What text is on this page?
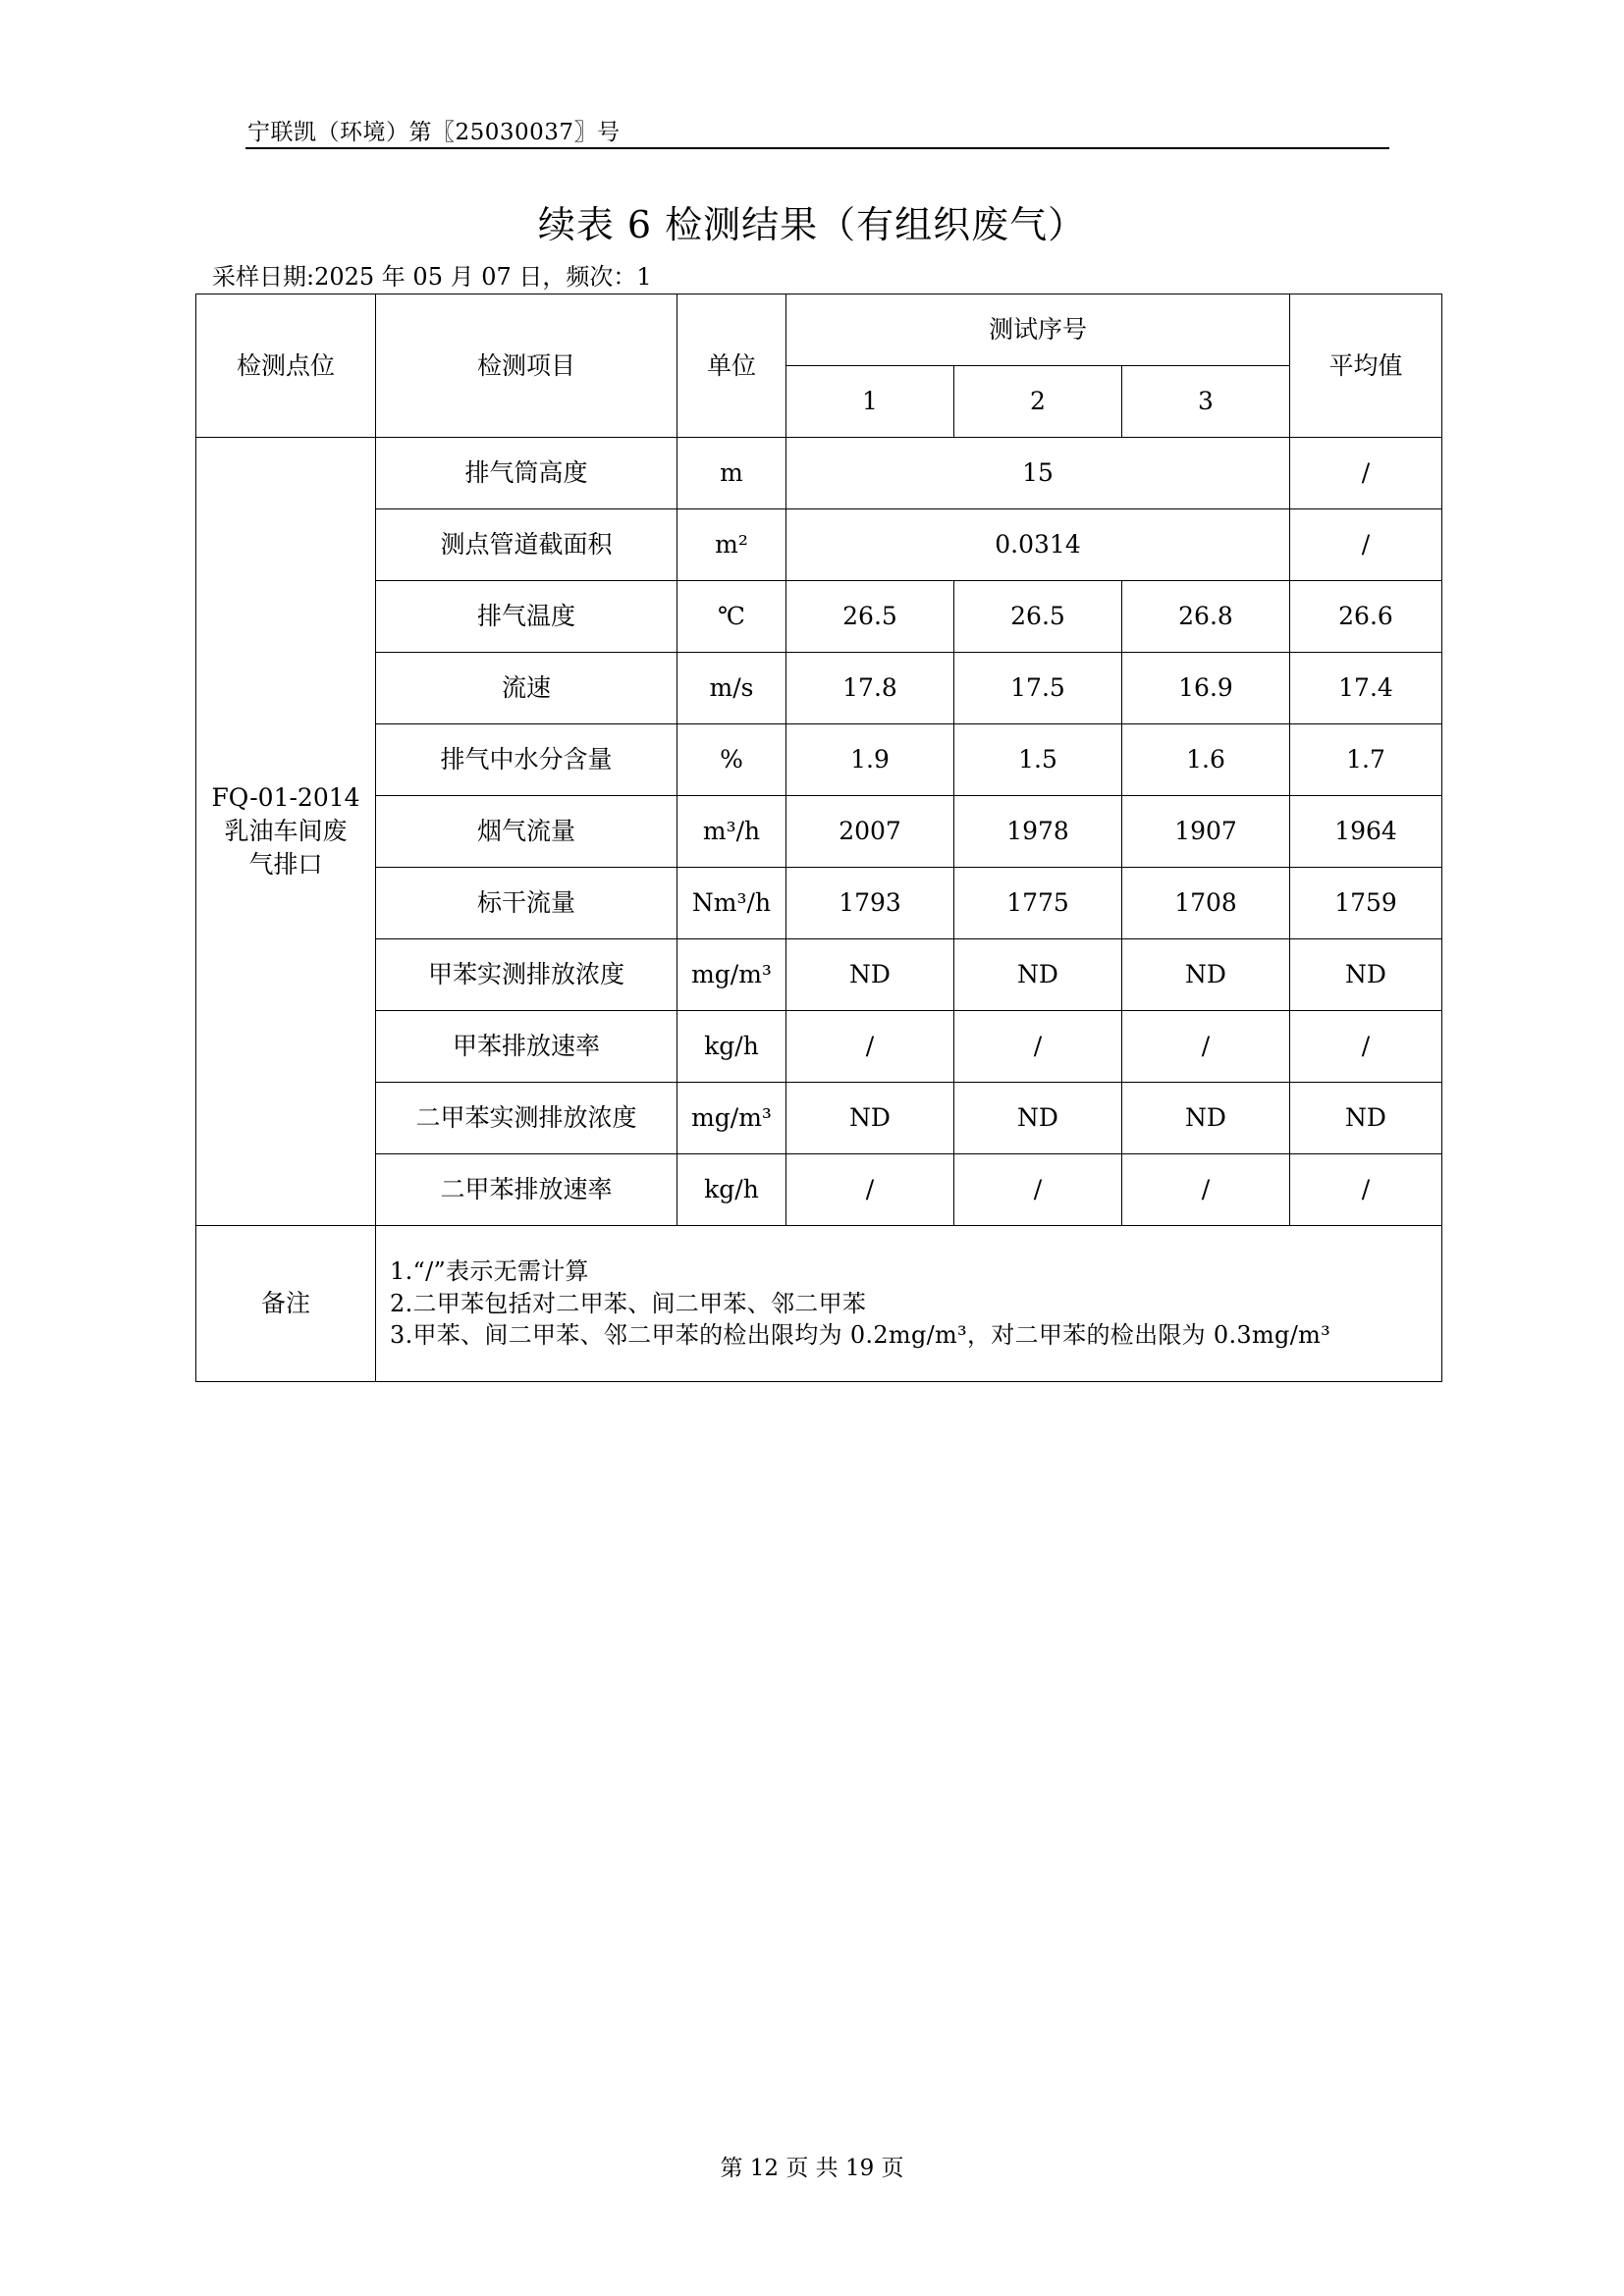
宁联凯（环境）第〖25030037〗号
续表 6 检测结果（有组织废气）
采样日期:2025 年 05 月 07 日，频次：1
检测点位	检测项目	单位	测试序号			平均值
			1	2	3	

FQ-01-2014
乳油车间废
气排口	排气筒高度	m	15			/
	测点管道截面积	m²	0.0314			/
	排气温度	℃	26.5	26.5	26.8	26.6
	流速	m/s	17.8	17.5	16.9	17.4
	排气中水分含量	%	1.9	1.5	1.6	1.7
	烟气流量	m³/h	2007	1978	1907	1964
	标干流量	Nm³/h	1793	1775	1708	1759
	甲苯实测排放浓度	mg/m³	ND	ND	ND	ND
	甲苯排放速率	kg/h	/	/	/	/
	二甲苯实测排放浓度	mg/m³	ND	ND	ND	ND
	二甲苯排放速率	kg/h	/	/	/	/
备注	1.“/”表示无需计算
2.二甲苯包括对二甲苯、间二甲苯、邻二甲苯
3.甲苯、间二甲苯、邻二甲苯的检出限均为 0.2mg/m³，对二甲苯的检出限为 0.3mg/m³					
第 12 页 共 19 页
